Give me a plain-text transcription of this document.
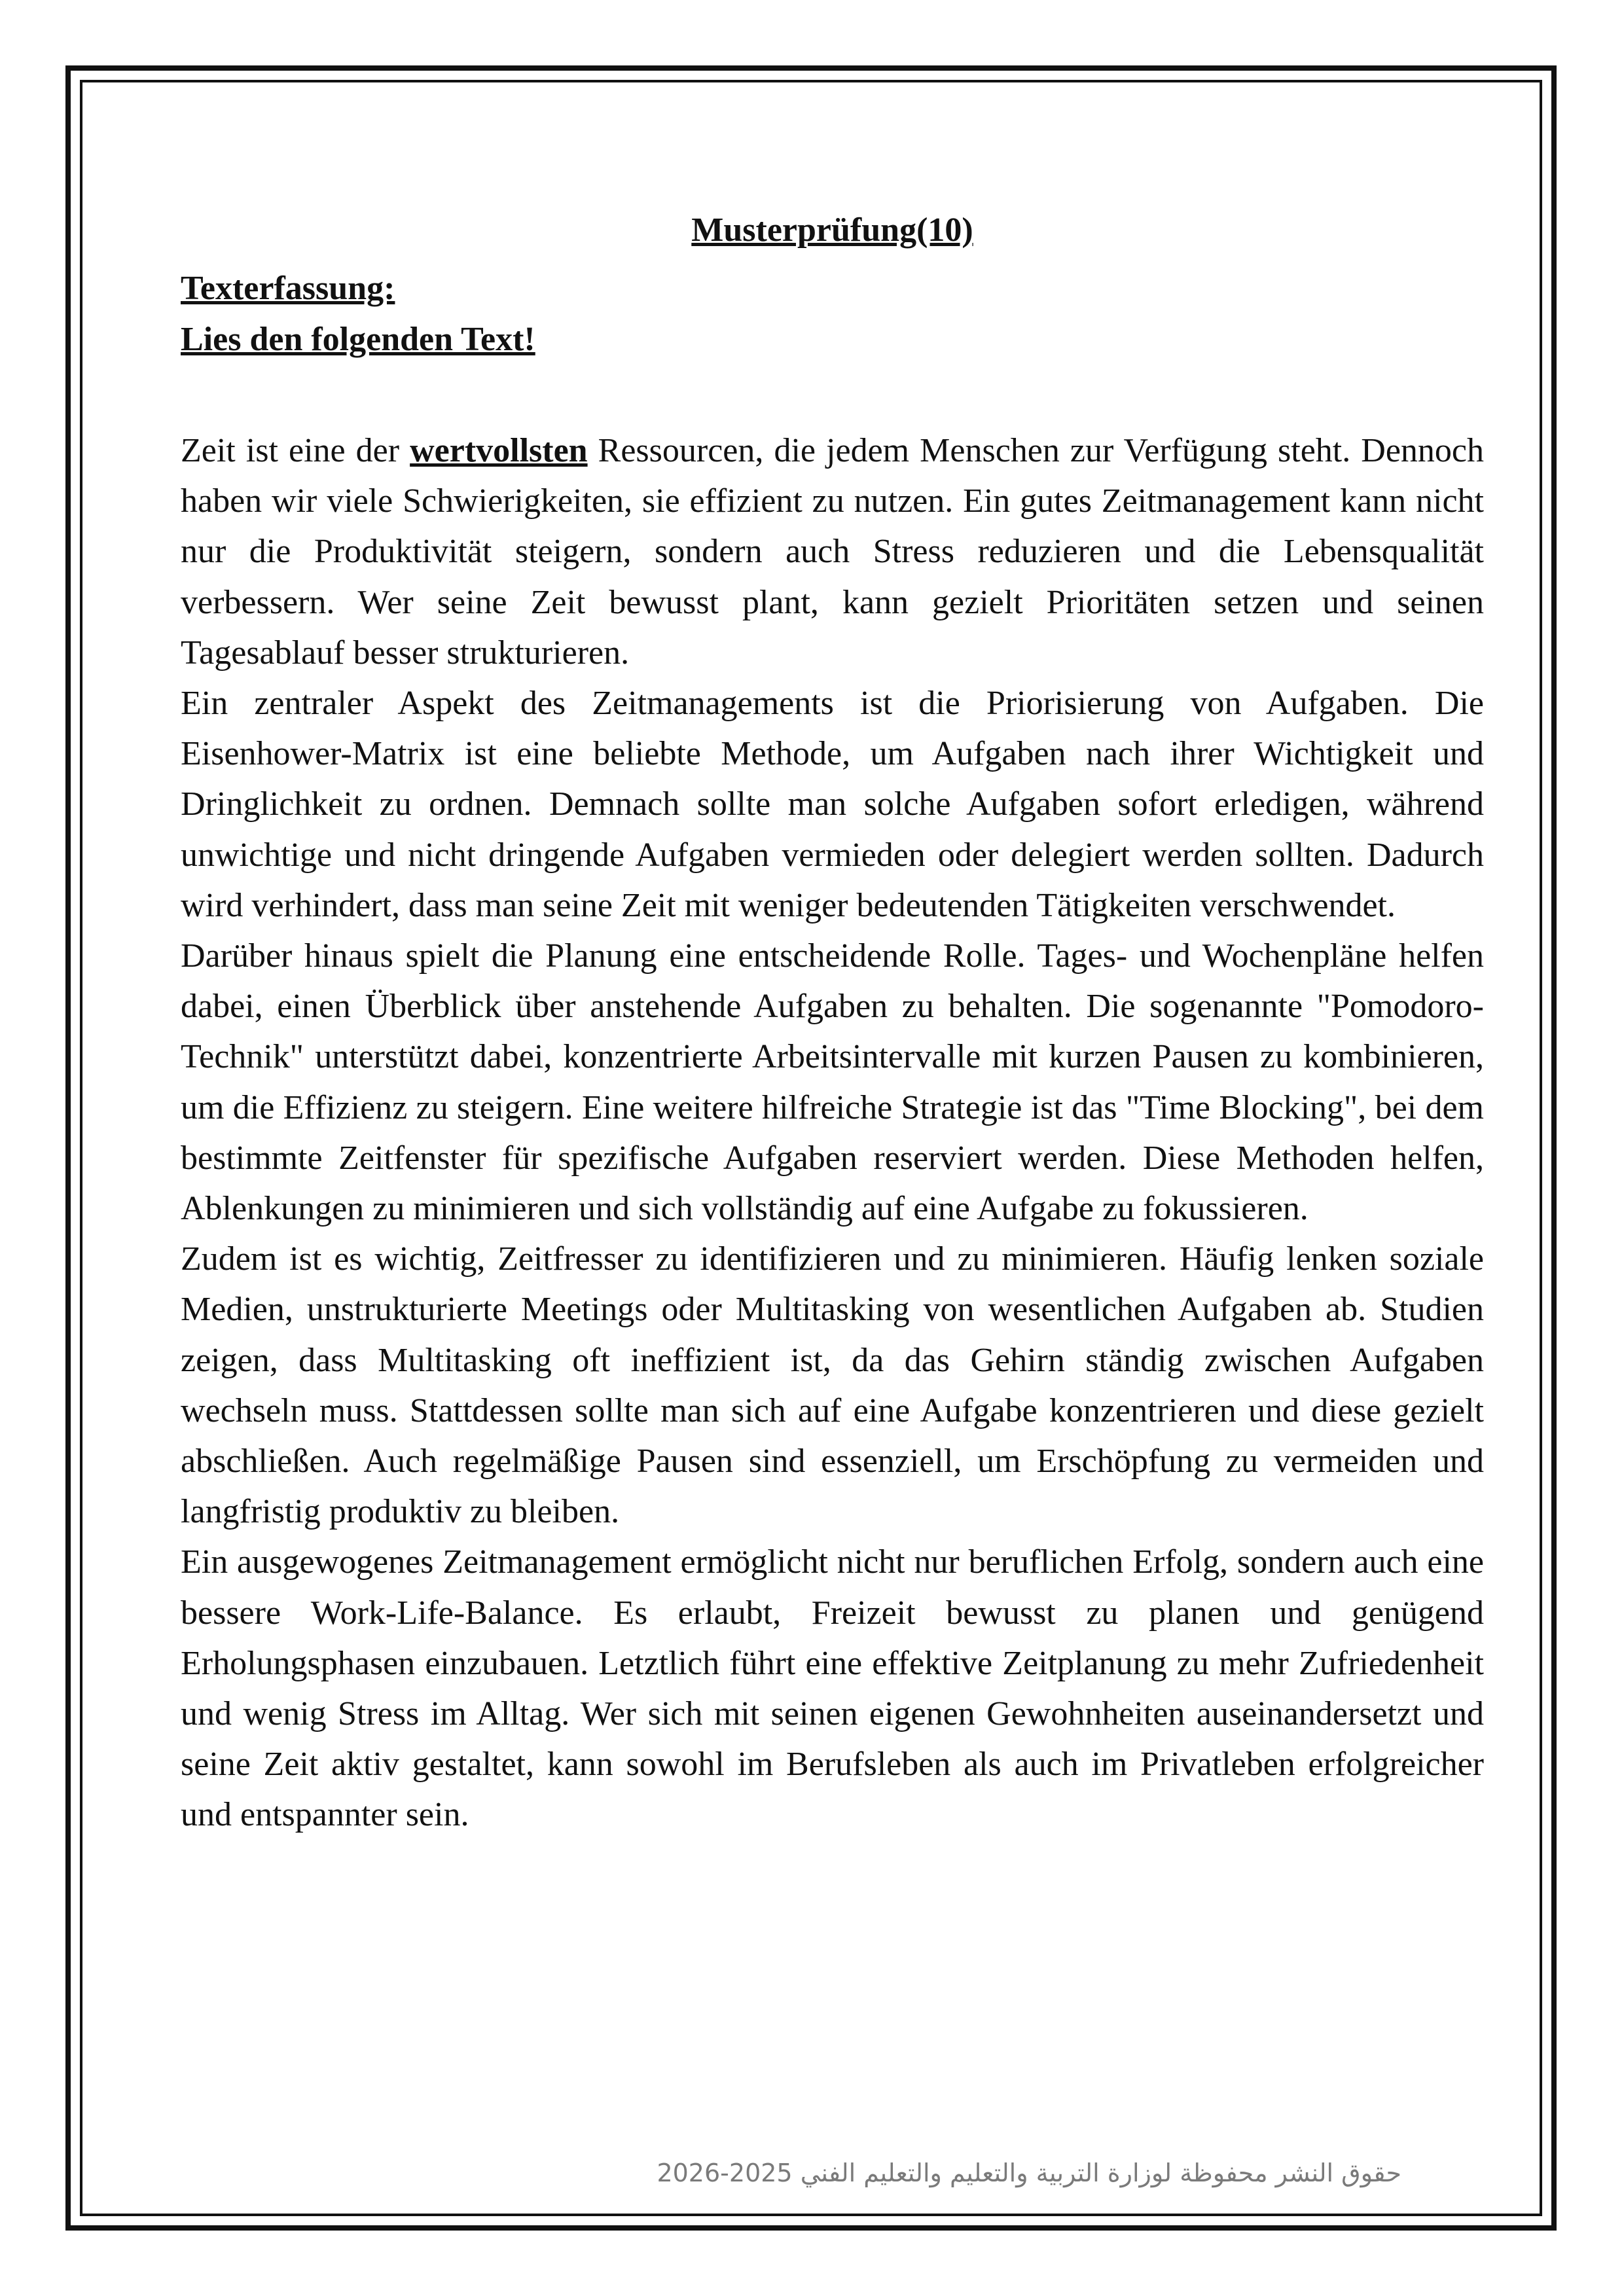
Musterprüfung(10)
Texterfassung:
Lies den folgenden Text!

Zeit ist eine der wertvollsten Ressourcen, die jedem Menschen zur Verfügung steht. Dennoch haben wir viele Schwierigkeiten, sie effizient zu nutzen. Ein gutes Zeitmanagement kann nicht nur die Produktivität steigern, sondern auch Stress reduzieren und die Lebensqualität verbessern. Wer seine Zeit bewusst plant, kann gezielt Prioritäten setzen und seinen Tagesablauf besser strukturieren.

Ein zentraler Aspekt des Zeitmanagements ist die Priorisierung von Aufgaben. Die Eisenhower-Matrix ist eine beliebte Methode, um Aufgaben nach ihrer Wichtigkeit und Dringlichkeit zu ordnen. Demnach sollte man solche Aufgaben sofort erledigen, während unwichtige und nicht dringende Aufgaben vermieden oder delegiert werden sollten. Dadurch wird verhindert, dass man seine Zeit mit weniger bedeutenden Tätigkeiten verschwendet.

Darüber hinaus spielt die Planung eine entscheidende Rolle. Tages- und Wochenpläne helfen dabei, einen Überblick über anstehende Aufgaben zu behalten. Die sogenannte "Pomodoro-Technik" unterstützt dabei, konzentrierte Arbeitsintervalle mit kurzen Pausen zu kombinieren, um die Effizienz zu steigern. Eine weitere hilfreiche Strategie ist das "Time Blocking", bei dem bestimmte Zeitfenster für spezifische Aufgaben reserviert werden. Diese Methoden helfen, Ablenkungen zu minimieren und sich vollständig auf eine Aufgabe zu fokussieren.

Zudem ist es wichtig, Zeitfresser zu identifizieren und zu minimieren. Häufig lenken soziale Medien, unstrukturierte Meetings oder Multitasking von wesentlichen Aufgaben ab. Studien zeigen, dass Multitasking oft ineffizient ist, da das Gehirn ständig zwischen Aufgaben wechseln muss. Stattdessen sollte man sich auf eine Aufgabe konzentrieren und diese gezielt abschließen. Auch regelmäßige Pausen sind essenziell, um Erschöpfung zu vermeiden und langfristig produktiv zu bleiben.

Ein ausgewogenes Zeitmanagement ermöglicht nicht nur beruflichen Erfolg, sondern auch eine bessere Work-Life-Balance. Es erlaubt, Freizeit bewusst zu planen und genügend Erholungsphasen einzubauen. Letztlich führt eine effektive Zeitplanung zu mehr Zufriedenheit und wenig Stress im Alltag. Wer sich mit seinen eigenen Gewohnheiten auseinandersetzt und seine Zeit aktiv gestaltet, kann sowohl im Berufsleben als auch im Privatleben erfolgreicher und entspannter sein.

حقوق النشر محفوظة لوزارة التربية والتعليم والتعليم الفني 2025-2026
